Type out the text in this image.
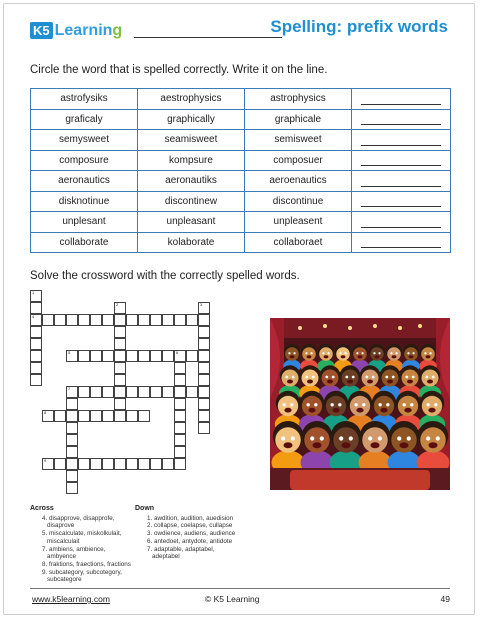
K5 Learning	Spelling: prefix words
Circle the word that is spelled correctly. Write it on the line.
astrofysiks	aestrophysics	astrophysics	

graficaly	graphically	graphicale	

semysweet	seamisweet	semisweet	

composure	kompsure	composuer	

aeronautics	aeronautiks	aeroenautics	

disknotinue	discontinew	discontinue	

unplesant	unpleasant	unpleasent	

collaborate	kolaborate	collaboraet	
Solve the crossword with the correctly spelled words.
1
4
2	3
5	6
7
8
9
Across
4. disapprove, disapprofe,
disaprove
5. miscalculate, miskolkulait,
miscalculait
7. ambiens, ambience,
ambyence
8. fraktions, fraections, fractions
9. subcategory, subcotegory,
subcategore
Down
1. awdition, audition, auedision
2. collapse, coelapse, cullapse
3. owdience, audiens, audience
6. antedoet, antydote, antidote
7. adaptable, adaptabel,
adeptabel
www.k5learning.com	© K5 Learning	49
